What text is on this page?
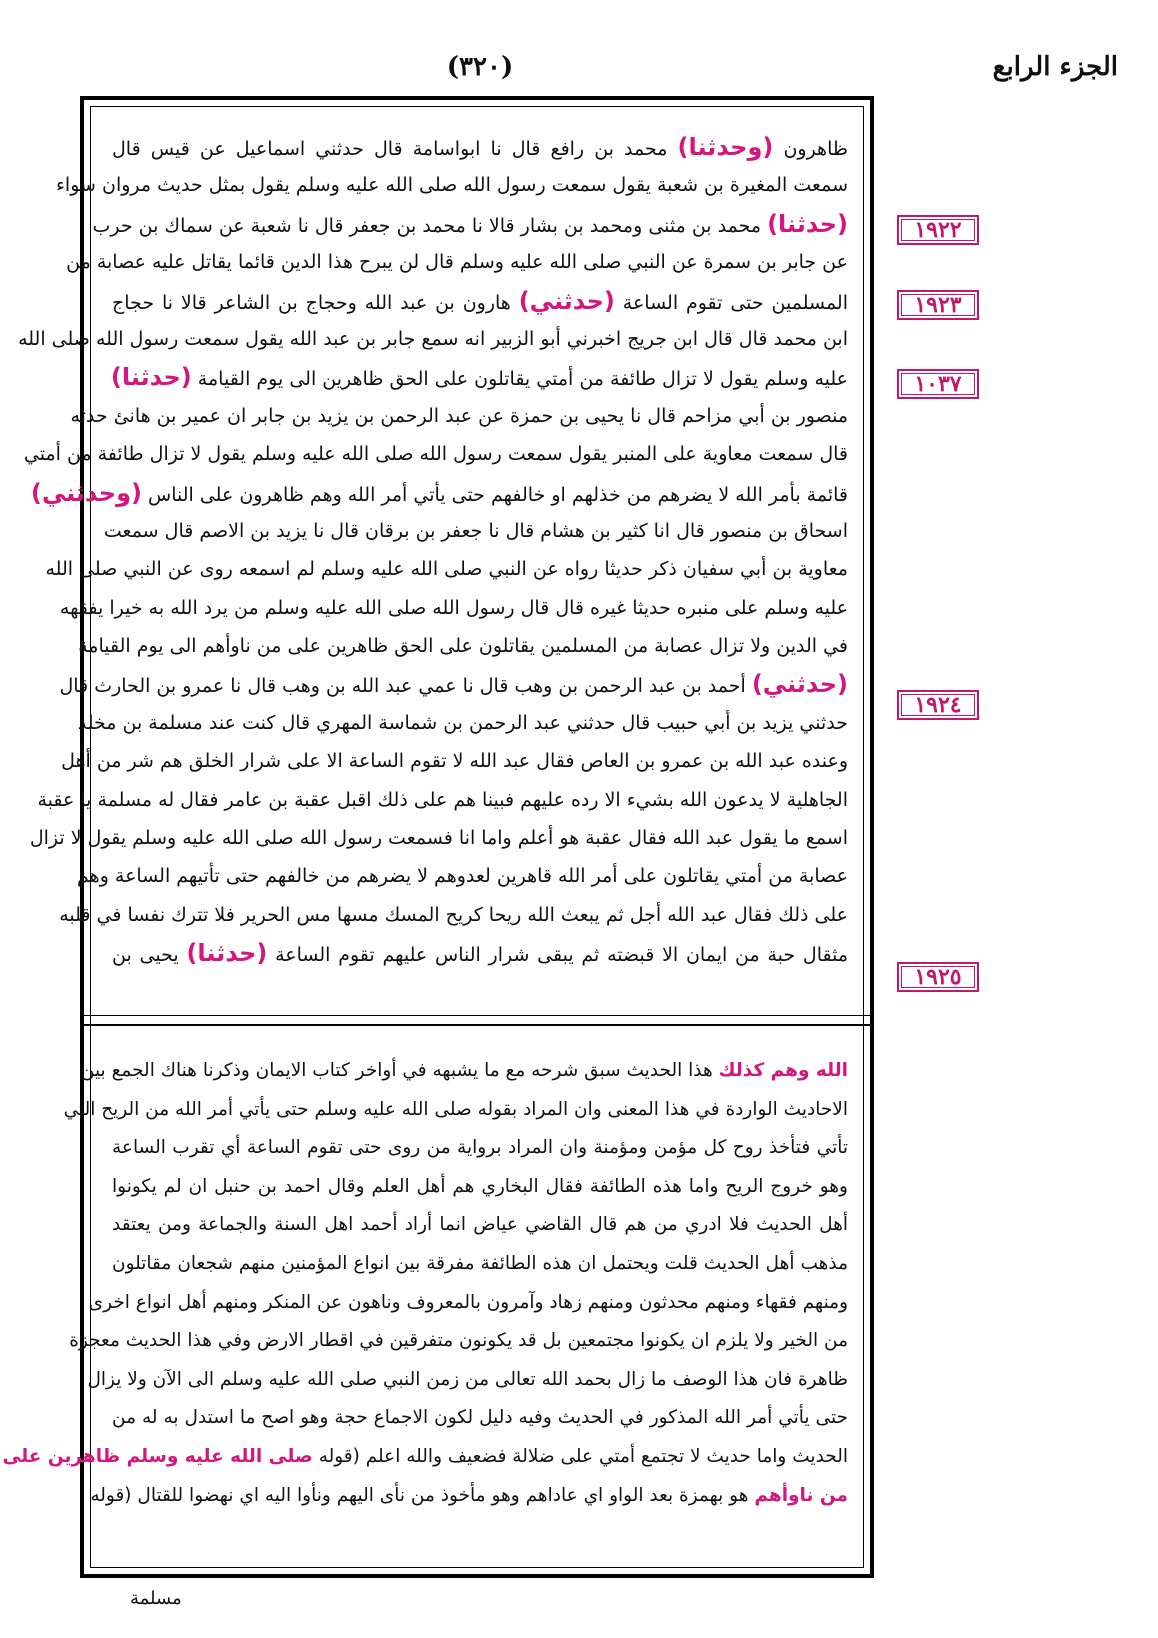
الجزء الرابع
(٣٢٠)
ظاهرون (وحدثنا) محمد بن رافع قال نا ابواسامة قال حدثني اسماعيل عن قيس قال
سمعت المغيرة بن شعبة يقول سمعت رسول الله صلى الله عليه وسلم يقول بمثل حديث مروان سواء
(حدثنا) محمد بن مثنى ومحمد بن بشار قالا نا محمد بن جعفر قال نا شعبة عن سماك بن حرب
عن جابر بن سمرة عن النبي صلى الله عليه وسلم قال لن يبرح هذا الدين قائما يقاتل عليه عصابة من
المسلمين حتى تقوم الساعة (حدثني) هارون بن عبد الله وحجاج بن الشاعر قالا نا حجاج
ابن محمد قال قال ابن جريج اخبرني أبو الزبير انه سمع جابر بن عبد الله يقول سمعت رسول الله صلى الله
عليه وسلم يقول لا تزال طائفة من أمتي يقاتلون على الحق ظاهرين الى يوم القيامة (حدثنا)
منصور بن أبي مزاحم قال نا يحيى بن حمزة عن عبد الرحمن بن يزيد بن جابر ان عمير بن هانئ حدثه
قال سمعت معاوية على المنبر يقول سمعت رسول الله صلى الله عليه وسلم يقول لا تزال طائفة من أمتي
قائمة بأمر الله لا يضرهم من خذلهم او خالفهم حتى يأتي أمر الله وهم ظاهرون على الناس (وحدثني)
اسحاق بن منصور قال انا كثير بن هشام قال نا جعفر بن برقان قال نا يزيد بن الاصم قال سمعت
معاوية بن أبي سفيان ذكر حديثا رواه عن النبي صلى الله عليه وسلم لم اسمعه روى عن النبي صلى الله
عليه وسلم على منبره حديثا غيره قال قال رسول الله صلى الله عليه وسلم من يرد الله به خيرا يفقهه
في الدين ولا تزال عصابة من المسلمين يقاتلون على الحق ظاهرين على من ناوأهم الى يوم القيامة
(حدثني) أحمد بن عبد الرحمن بن وهب قال نا عمي عبد الله بن وهب قال نا عمرو بن الحارث قال
حدثني يزيد بن أبي حبيب قال حدثني عبد الرحمن بن شماسة المهري قال كنت عند مسلمة بن مخلد
وعنده عبد الله بن عمرو بن العاص فقال عبد الله لا تقوم الساعة الا على شرار الخلق هم شر من أهل
الجاهلية لا يدعون الله بشيء الا رده عليهم فبينا هم على ذلك اقبل عقبة بن عامر فقال له مسلمة يا عقبة
اسمع ما يقول عبد الله فقال عقبة هو أعلم واما انا فسمعت رسول الله صلى الله عليه وسلم يقول لا تزال
عصابة من أمتي يقاتلون على أمر الله قاهرين لعدوهم لا يضرهم من خالفهم حتى تأتيهم الساعة وهم
على ذلك فقال عبد الله أجل ثم يبعث الله ريحا كريح المسك مسها مس الحرير فلا تترك نفسا في قلبه
مثقال حبة من ايمان الا قبضته ثم يبقى شرار الناس عليهم تقوم الساعة (حدثنا) يحيى بن
الله وهم كذلك هذا الحديث سبق شرحه مع ما يشبهه في أواخر كتاب الايمان وذكرنا هناك الجمع بين
الاحاديث الواردة في هذا المعنى وان المراد بقوله صلى الله عليه وسلم حتى يأتي أمر الله من الريح التي
تأتي فتأخذ روح كل مؤمن ومؤمنة وان المراد برواية من روى حتى تقوم الساعة أي تقرب الساعة
وهو خروج الريح واما هذه الطائفة فقال البخاري هم أهل العلم وقال احمد بن حنبل ان لم يكونوا
أهل الحديث فلا ادري من هم قال القاضي عياض انما أراد أحمد اهل السنة والجماعة ومن يعتقد
مذهب أهل الحديث قلت ويحتمل ان هذه الطائفة مفرقة بين انواع المؤمنين منهم شجعان مقاتلون
ومنهم فقهاء ومنهم محدثون ومنهم زهاد وآمرون بالمعروف وناهون عن المنكر ومنهم أهل انواع اخرى
من الخير ولا يلزم ان يكونوا مجتمعين بل قد يكونون متفرقين في اقطار الارض وفي هذا الحديث معجزة
ظاهرة فان هذا الوصف ما زال بحمد الله تعالى من زمن النبي صلى الله عليه وسلم الى الآن ولا يزال
حتى يأتي أمر الله المذكور في الحديث وفيه دليل لكون الاجماع حجة وهو اصح ما استدل به له من
الحديث واما حديث لا تجتمع أمتي على ضلالة فضعيف والله اعلم (قوله صلى الله عليه وسلم ظاهرين على
من ناوأهم هو بهمزة بعد الواو اي عاداهم وهو مأخوذ من نأى اليهم ونأوا اليه اي نهضوا للقتال (قوله
١٩٢٢
١٩٢٣
١٠٣٧
١٩٢٤
١٩٢٥
مسلمة
